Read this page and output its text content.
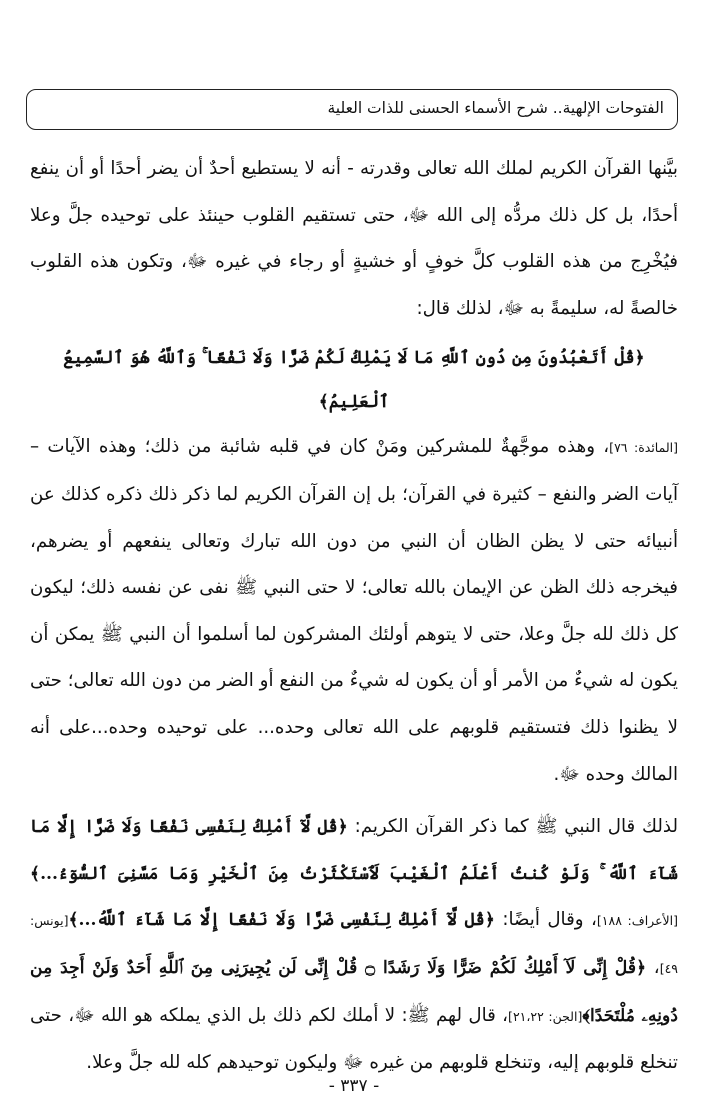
الفتوحات الإلهية.. شرح الأسماء الحسنى للذات العلية

بيَّنها القرآن الكريم لملك الله تعالى وقدرته - أنه لا يستطيع أحدٌ أن يضر أحدًا أو أن ينفع أحدًا، بل كل ذلك مردُّه إلى الله ﷻ، حتى تستقيم القلوب حينئذ على توحيده جلَّ وعلا فيُخْرِج من هذه القلوب كلَّ خوفٍ أو خشيةٍ أو رجاء في غيره ﷻ، وتكون هذه القلوب خالصةً له، سليمةً به ﷻ، لذلك قال:
﴿قُلْ أَتَعْبُدُونَ مِن دُونِ ٱللَّهِ مَا لَا يَمْلِكُ لَكُمْ ضَرًّا وَلَا نَفْعًا ۚ وَٱللَّهُ هُوَ ٱلسَّمِيعُ ٱلْعَلِيمُ﴾
[المائدة: ٧٦]، وهذه موجَّهةٌ للمشركين ومَنْ كان في قلبه شائبة من ذلك؛ وهذه الآيات – آيات الضر والنفع – كثيرة في القرآن؛ بل إن القرآن الكريم لما ذكر ذلك ذكره كذلك عن أنبيائه حتى لا يظن الظان أن النبي من دون الله تبارك وتعالى ينفعهم أو يضرهم، فيخرجه ذلك الظن عن الإيمان بالله تعالى؛ لا حتى النبي ﷺ نفى عن نفسه ذلك؛ ليكون كل ذلك لله جلَّ وعلا، حتى لا يتوهم أولئك المشركون لما أسلموا أن النبي ﷺ يمكن أن يكون له شيءٌ من الأمر أو أن يكون له شيءٌ من النفع أو الضر من دون الله تعالى؛ حتى لا يظنوا ذلك فتستقيم قلوبهم على الله تعالى وحده... على توحيده وحده...على أنه المالك وحده ﷻ.

لذلك قال النبي ﷺ كما ذكر القرآن الكريم: ﴿قُل لَّآ أَمْلِكُ لِنَفْسِى نَفْعًا وَلَا ضَرًّا إِلَّا مَا شَآءَ ٱللَّهُ ۚ وَلَوْ كُنتُ أَعْلَمُ ٱلْغَيْبَ لَٱسْتَكْثَرْتُ مِنَ ٱلْخَيْرِ وَمَا مَسَّنِىَ ٱلسُّوٓءُ...﴾[الأعراف: ١٨٨]، وقال أيضًا: ﴿قُل لَّآ أَمْلِكُ لِنَفْسِى ضَرًّا وَلَا نَفْعًا إِلَّا مَا شَآءَ ٱللَّهُ...﴾[يونس: ٤٩]، ﴿قُلْ إِنِّى لَآ أَمْلِكُ لَكُمْ ضَرًّا وَلَا رَشَدًا ۝ قُلْ إِنِّى لَن يُجِيرَنِى مِنَ ٱللَّهِ أَحَدٌ وَلَنْ أَجِدَ مِن دُونِهِۦ مُلْتَحَدًا﴾[الجن: ٢١،٢٢]، قال لهم ﷺ: لا أملك لكم ذلك بل الذي يملكه هو الله ﷻ، حتى تنخلع قلوبهم إليه، وتنخلع قلوبهم من غيره ﷻ وليكون توحيدهم كله لله جلَّ وعلا.

- ٣٣٧ -
